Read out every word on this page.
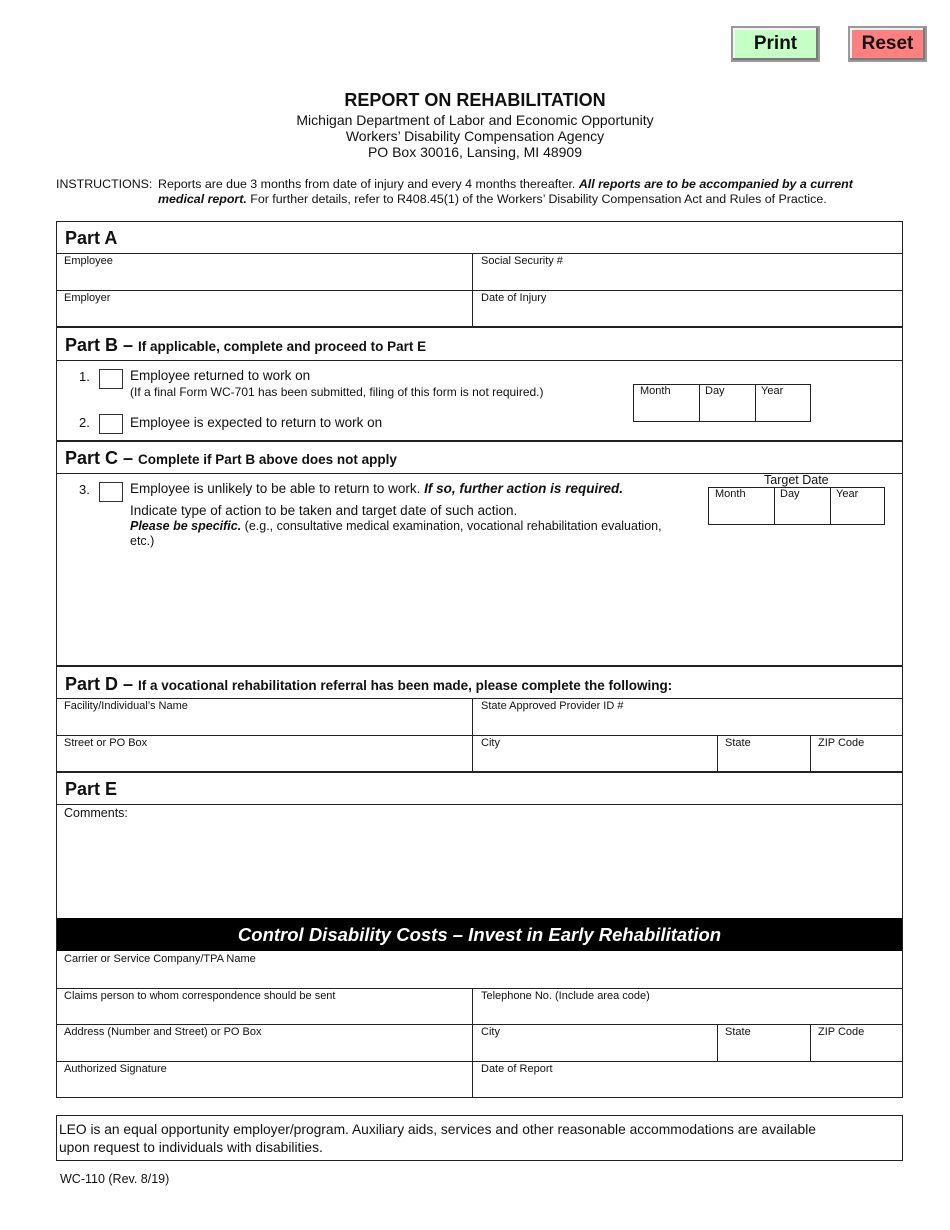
Print	Reset
REPORT ON REHABILITATION
Michigan Department of Labor and Economic Opportunity
Workers’ Disability Compensation Agency
PO Box 30016, Lansing, MI 48909
INSTRUCTIONS: Reports are due 3 months from date of injury and every 4 months thereafter. All reports are to be accompanied by a current medical report. For further details, refer to R408.45(1) of the Workers’ Disability Compensation Act and Rules of Practice.
Part A
Employee	Social Security #
Employer	Date of Injury
Part B – If applicable, complete and proceed to Part E
1.	Employee returned to work on
(If a final Form WC-701 has been submitted, filing of this form is not required.)
2.	Employee is expected to return to work on
Month	Day	Year
Part C – Complete if Part B above does not apply
3.	Employee is unlikely to be able to return to work. If so, further action is required.
Indicate type of action to be taken and target date of such action.
Please be specific. (e.g., consultative medical examination, vocational rehabilitation evaluation,
etc.)
Target Date
Month	Day	Year
Part D – If a vocational rehabilitation referral has been made, please complete the following:
Facility/Individual’s Name	State Approved Provider ID #
Street or PO Box	City	State	ZIP Code
Part E
Comments:
Control Disability Costs – Invest in Early Rehabilitation
Carrier or Service Company/TPA Name
Claims person to whom correspondence should be sent	Telephone No. (Include area code)
Address (Number and Street) or PO Box	City	State	ZIP Code
Authorized Signature	Date of Report
LEO is an equal opportunity employer/program. Auxiliary aids, services and other reasonable accommodations are available
upon request to individuals with disabilities.
WC-110 (Rev. 8/19)
